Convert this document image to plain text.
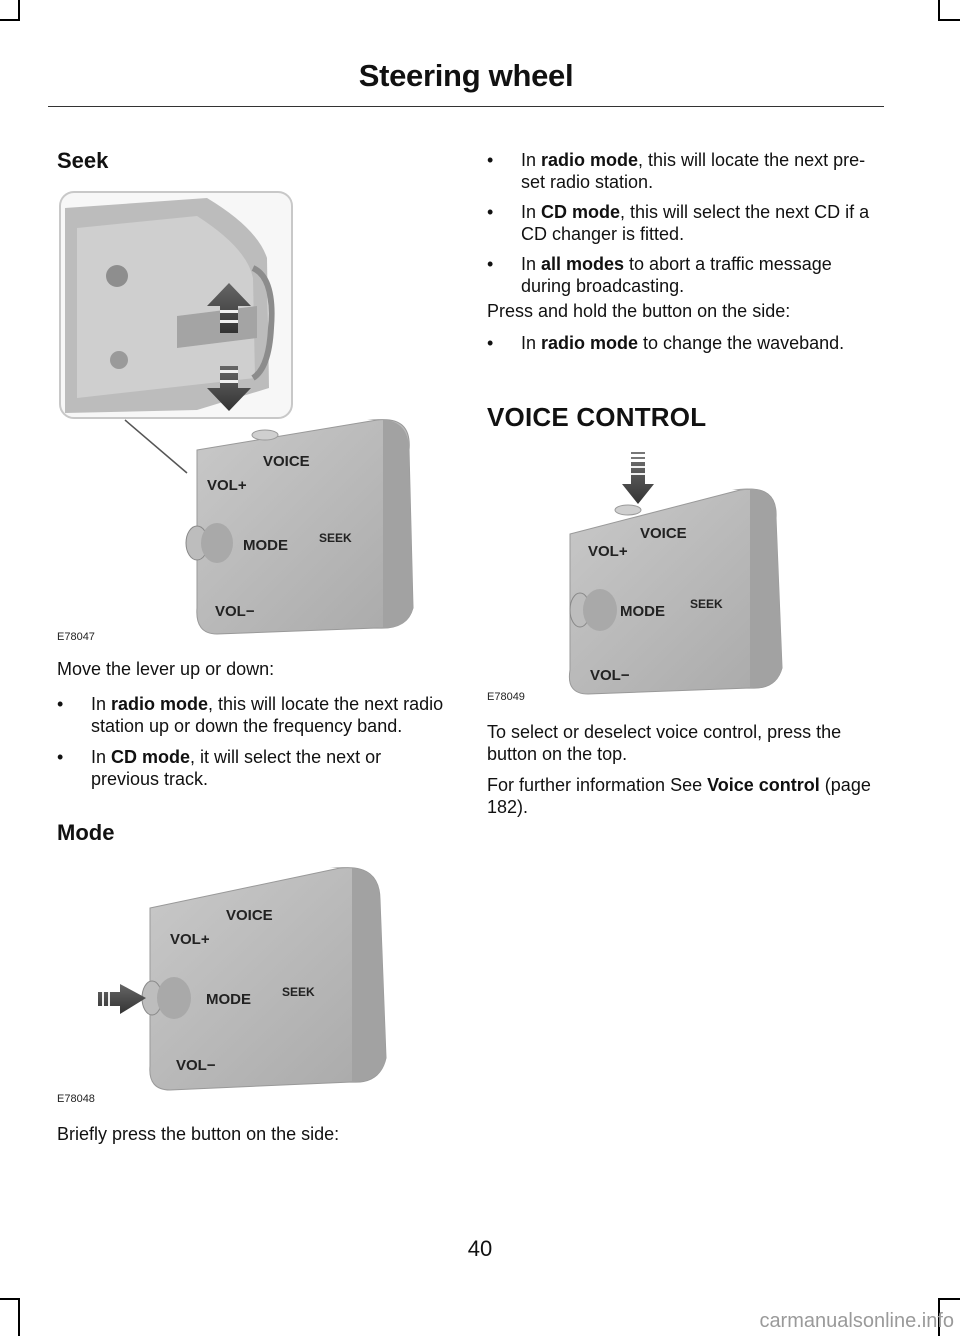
Steering wheel
Seek
VOICE
VOL+
MODE	SEEK
VOL−
E78047

Move the lever up or down:

• In radio mode, this will locate the next radio station up or down the frequency band.
• In CD mode, it will select the next or previous track.
Mode
VOICE
VOL+
MODE	SEEK
VOL−
E78048

Briefly press the button on the side:

• In radio mode, this will locate the next pre-set radio station.
• In CD mode, this will select the next CD if a CD changer is fitted.
• In all modes to abort a traffic message during broadcasting.

Press and hold the button on the side:

• In radio mode to change the waveband.
VOICE CONTROL
VOICE
VOL+
MODE SEEK
VOL−
E78049

To select or deselect voice control, press the button on the top.

For further information See Voice control (page 182).

40
carmanualsonline.info
